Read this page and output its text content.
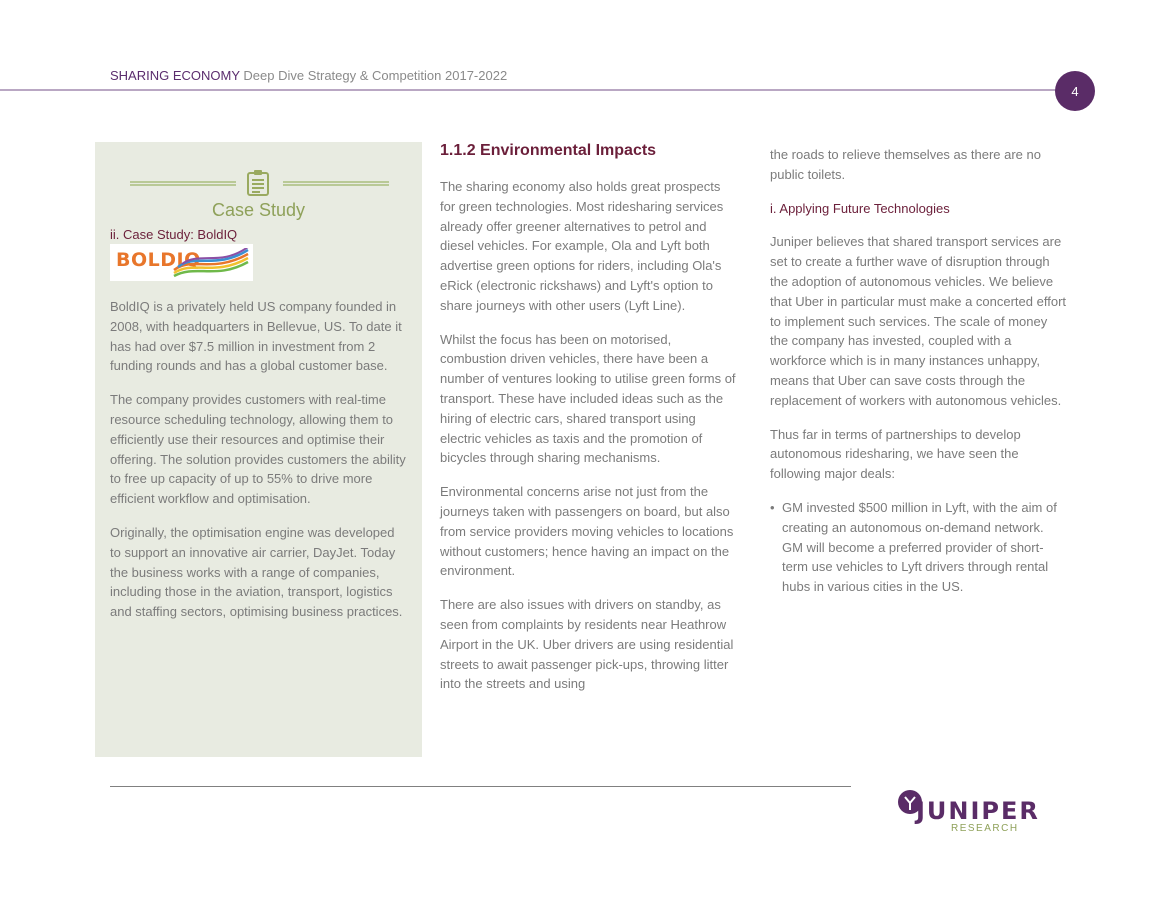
SHARING ECONOMY Deep Dive Strategy & Competition 2017-2022
4
Case Study
ii. Case Study: BoldIQ
BOLDIQ

BoldIQ is a privately held US company founded in 2008, with headquarters in Bellevue, US. To date it has had over $7.5 million in investment from 2 funding rounds and has a global customer base.

The company provides customers with real-time resource scheduling technology, allowing them to efficiently use their resources and optimise their offering. The solution provides customers the ability to free up capacity of up to 55% to drive more efficient workflow and optimisation.

Originally, the optimisation engine was developed to support an innovative air carrier, DayJet. Today the business works with a range of companies, including those in the aviation, transport, logistics and staffing sectors, optimising business practices.

1.1.2 Environmental Impacts

The sharing economy also holds great prospects for green technologies. Most ridesharing services already offer greener alternatives to petrol and diesel vehicles. For example, Ola and Lyft both advertise green options for riders, including Ola's eRick (electronic rickshaws) and Lyft's option to share journeys with other users (Lyft Line).

Whilst the focus has been on motorised, combustion driven vehicles, there have been a number of ventures looking to utilise green forms of transport. These have included ideas such as the hiring of electric cars, shared transport using electric vehicles as taxis and the promotion of bicycles through sharing mechanisms.

Environmental concerns arise not just from the journeys taken with passengers on board, but also from service providers moving vehicles to locations without customers; hence having an impact on the environment.

There are also issues with drivers on standby, as seen from complaints by residents near Heathrow Airport in the UK. Uber drivers are using residential streets to await passenger pick-ups, throwing litter into the streets and using

the roads to relieve themselves as there are no public toilets.

i. Applying Future Technologies

Juniper believes that shared transport services are set to create a further wave of disruption through the adoption of autonomous vehicles. We believe that Uber in particular must make a concerted effort to implement such services. The scale of money the company has invested, coupled with a workforce which is in many instances unhappy, means that Uber can save costs through the replacement of workers with autonomous vehicles.

Thus far in terms of partnerships to develop autonomous ridesharing, we have seen the following major deals:

• GM invested $500 million in Lyft, with the aim of creating an autonomous on-demand network. GM will become a preferred provider of short-term use vehicles to Lyft drivers through rental hubs in various cities in the US.
JUNIPER
RESEARCH
